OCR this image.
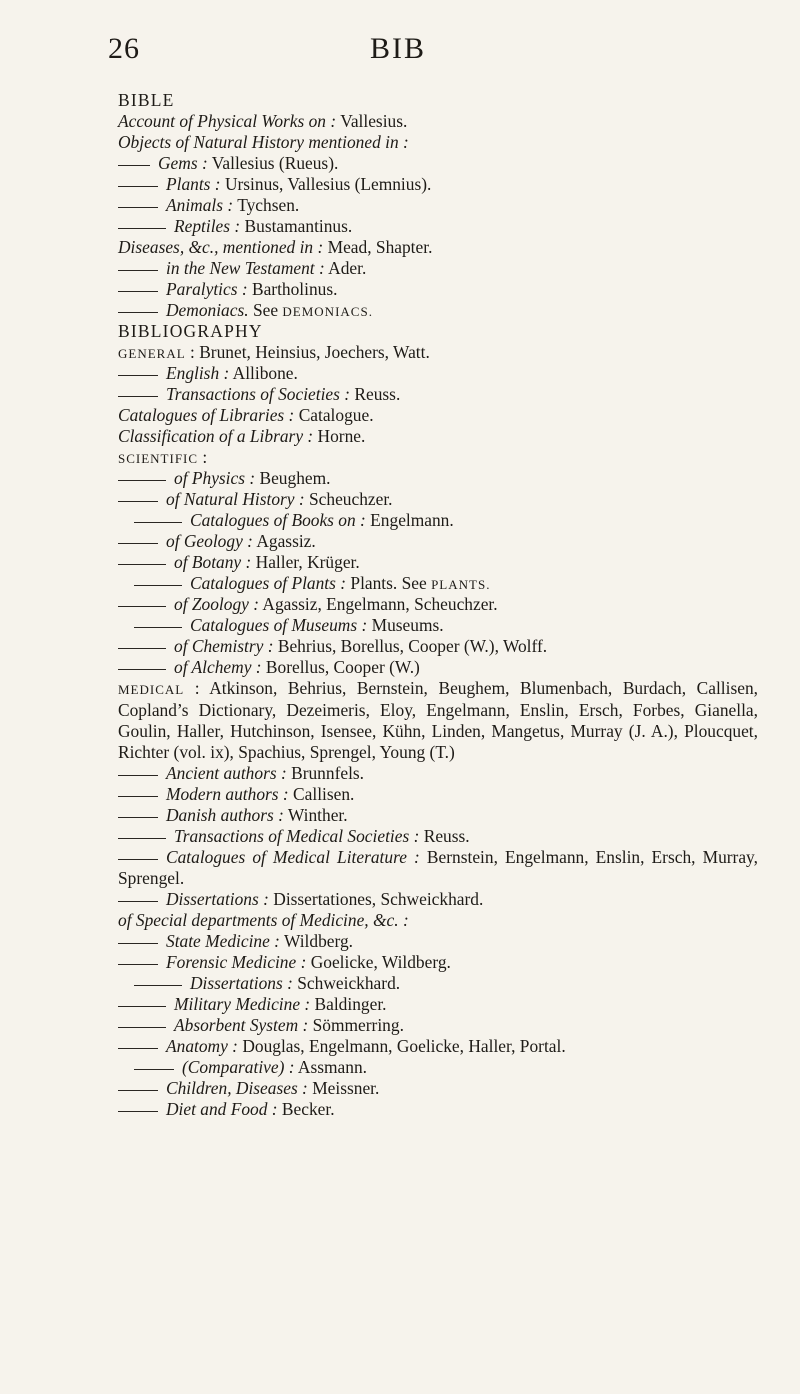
26	BIB
BIBLE
Account of Physical Works on : Vallesius.
Objects of Natural History mentioned in :
Gems : Vallesius (Rueus).
Plants : Ursinus, Vallesius (Lemnius).
Animals : Tychsen.
Reptiles : Bustamantinus.
Diseases, &c., mentioned in : Mead, Shapter.
in the New Testament : Ader.
Paralytics : Bartholinus.
Demoniacs. See DEMONIACS.
BIBLIOGRAPHY
GENERAL : Brunet, Heinsius, Joechers, Watt.
English : Allibone.
Transactions of Societies : Reuss.
Catalogues of Libraries : Catalogue.
Classification of a Library : Horne.
SCIENTIFIC :
of Physics : Beughem.
of Natural History : Scheuchzer.
Catalogues of Books on : Engelmann.
of Geology : Agassiz.
of Botany : Haller, Krüger.
Catalogues of Plants : Plants. See PLANTS.
of Zoology : Agassiz, Engelmann, Scheuchzer.
Catalogues of Museums : Museums.
of Chemistry : Behrius, Borellus, Cooper (W.), Wolff.
of Alchemy : Borellus, Cooper (W.)
MEDICAL : Atkinson, Behrius, Bernstein, Beughem, Blumenbach, Burdach, Callisen, Copland’s Dictionary, Dezeimeris, Eloy, Engelmann, Enslin, Ersch, Forbes, Gianella, Goulin, Haller, Hutchinson, Isensee, Kühn, Linden, Mangetus, Murray (J. A.), Ploucquet, Richter (vol. ix), Spachius, Sprengel, Young (T.)
Ancient authors : Brunnfels.
Modern authors : Callisen.
Danish authors : Winther.
Transactions of Medical Societies : Reuss.
Catalogues of Medical Literature : Bernstein, Engelmann, Enslin, Ersch, Murray, Sprengel.
Dissertations : Dissertationes, Schweickhard.
of Special departments of Medicine, &c. :
State Medicine : Wildberg.
Forensic Medicine : Goelicke, Wildberg.
Dissertations : Schweickhard.
Military Medicine : Baldinger.
Absorbent System : Sömmerring.
Anatomy : Douglas, Engelmann, Goelicke, Haller, Portal.
(Comparative) : Assmann.
Children, Diseases : Meissner.
Diet and Food : Becker.
